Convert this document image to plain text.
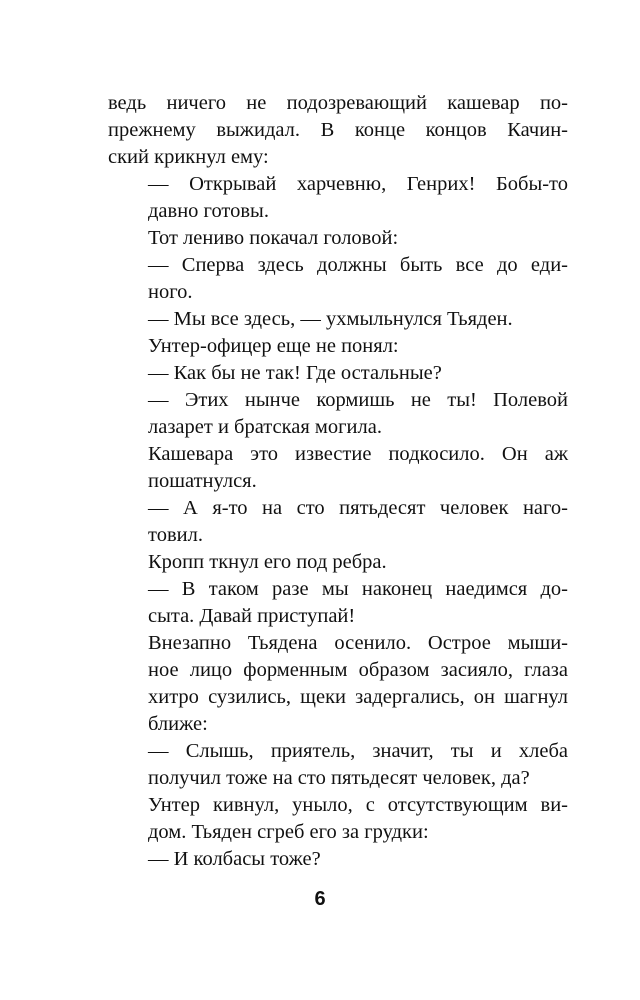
ведь ничего не подозревающий кашевар по-
прежнему выжидал. В конце концов Качин-
ский крикнул ему:

— Открывай харчевню, Генрих! Бобы-то
давно готовы.

Тот лениво покачал головой:

— Сперва здесь должны быть все до еди-
ного.

— Мы все здесь, — ухмыльнулся Тьяден.

Унтер-офицер еще не понял:

— Как бы не так! Где остальные?

— Этих нынче кормишь не ты! Полевой
лазарет и братская могила.

Кашевара это известие подкосило. Он аж
пошатнулся.

— А я-то на сто пятьдесят человек наго-
товил.

Кропп ткнул его под ребра.

— В таком разе мы наконец наедимся до-
сыта. Давай приступай!

Внезапно Тьядена осенило. Острое мыши-
ное лицо форменным образом засияло, глаза
хитро сузились, щеки задергались, он шагнул
ближе:

— Слышь, приятель, значит, ты и хлеба
получил тоже на сто пятьдесят человек, да?

Унтер кивнул, уныло, с отсутствующим ви-
дом. Тьяден сгреб его за грудки:

— И колбасы тоже?

6
